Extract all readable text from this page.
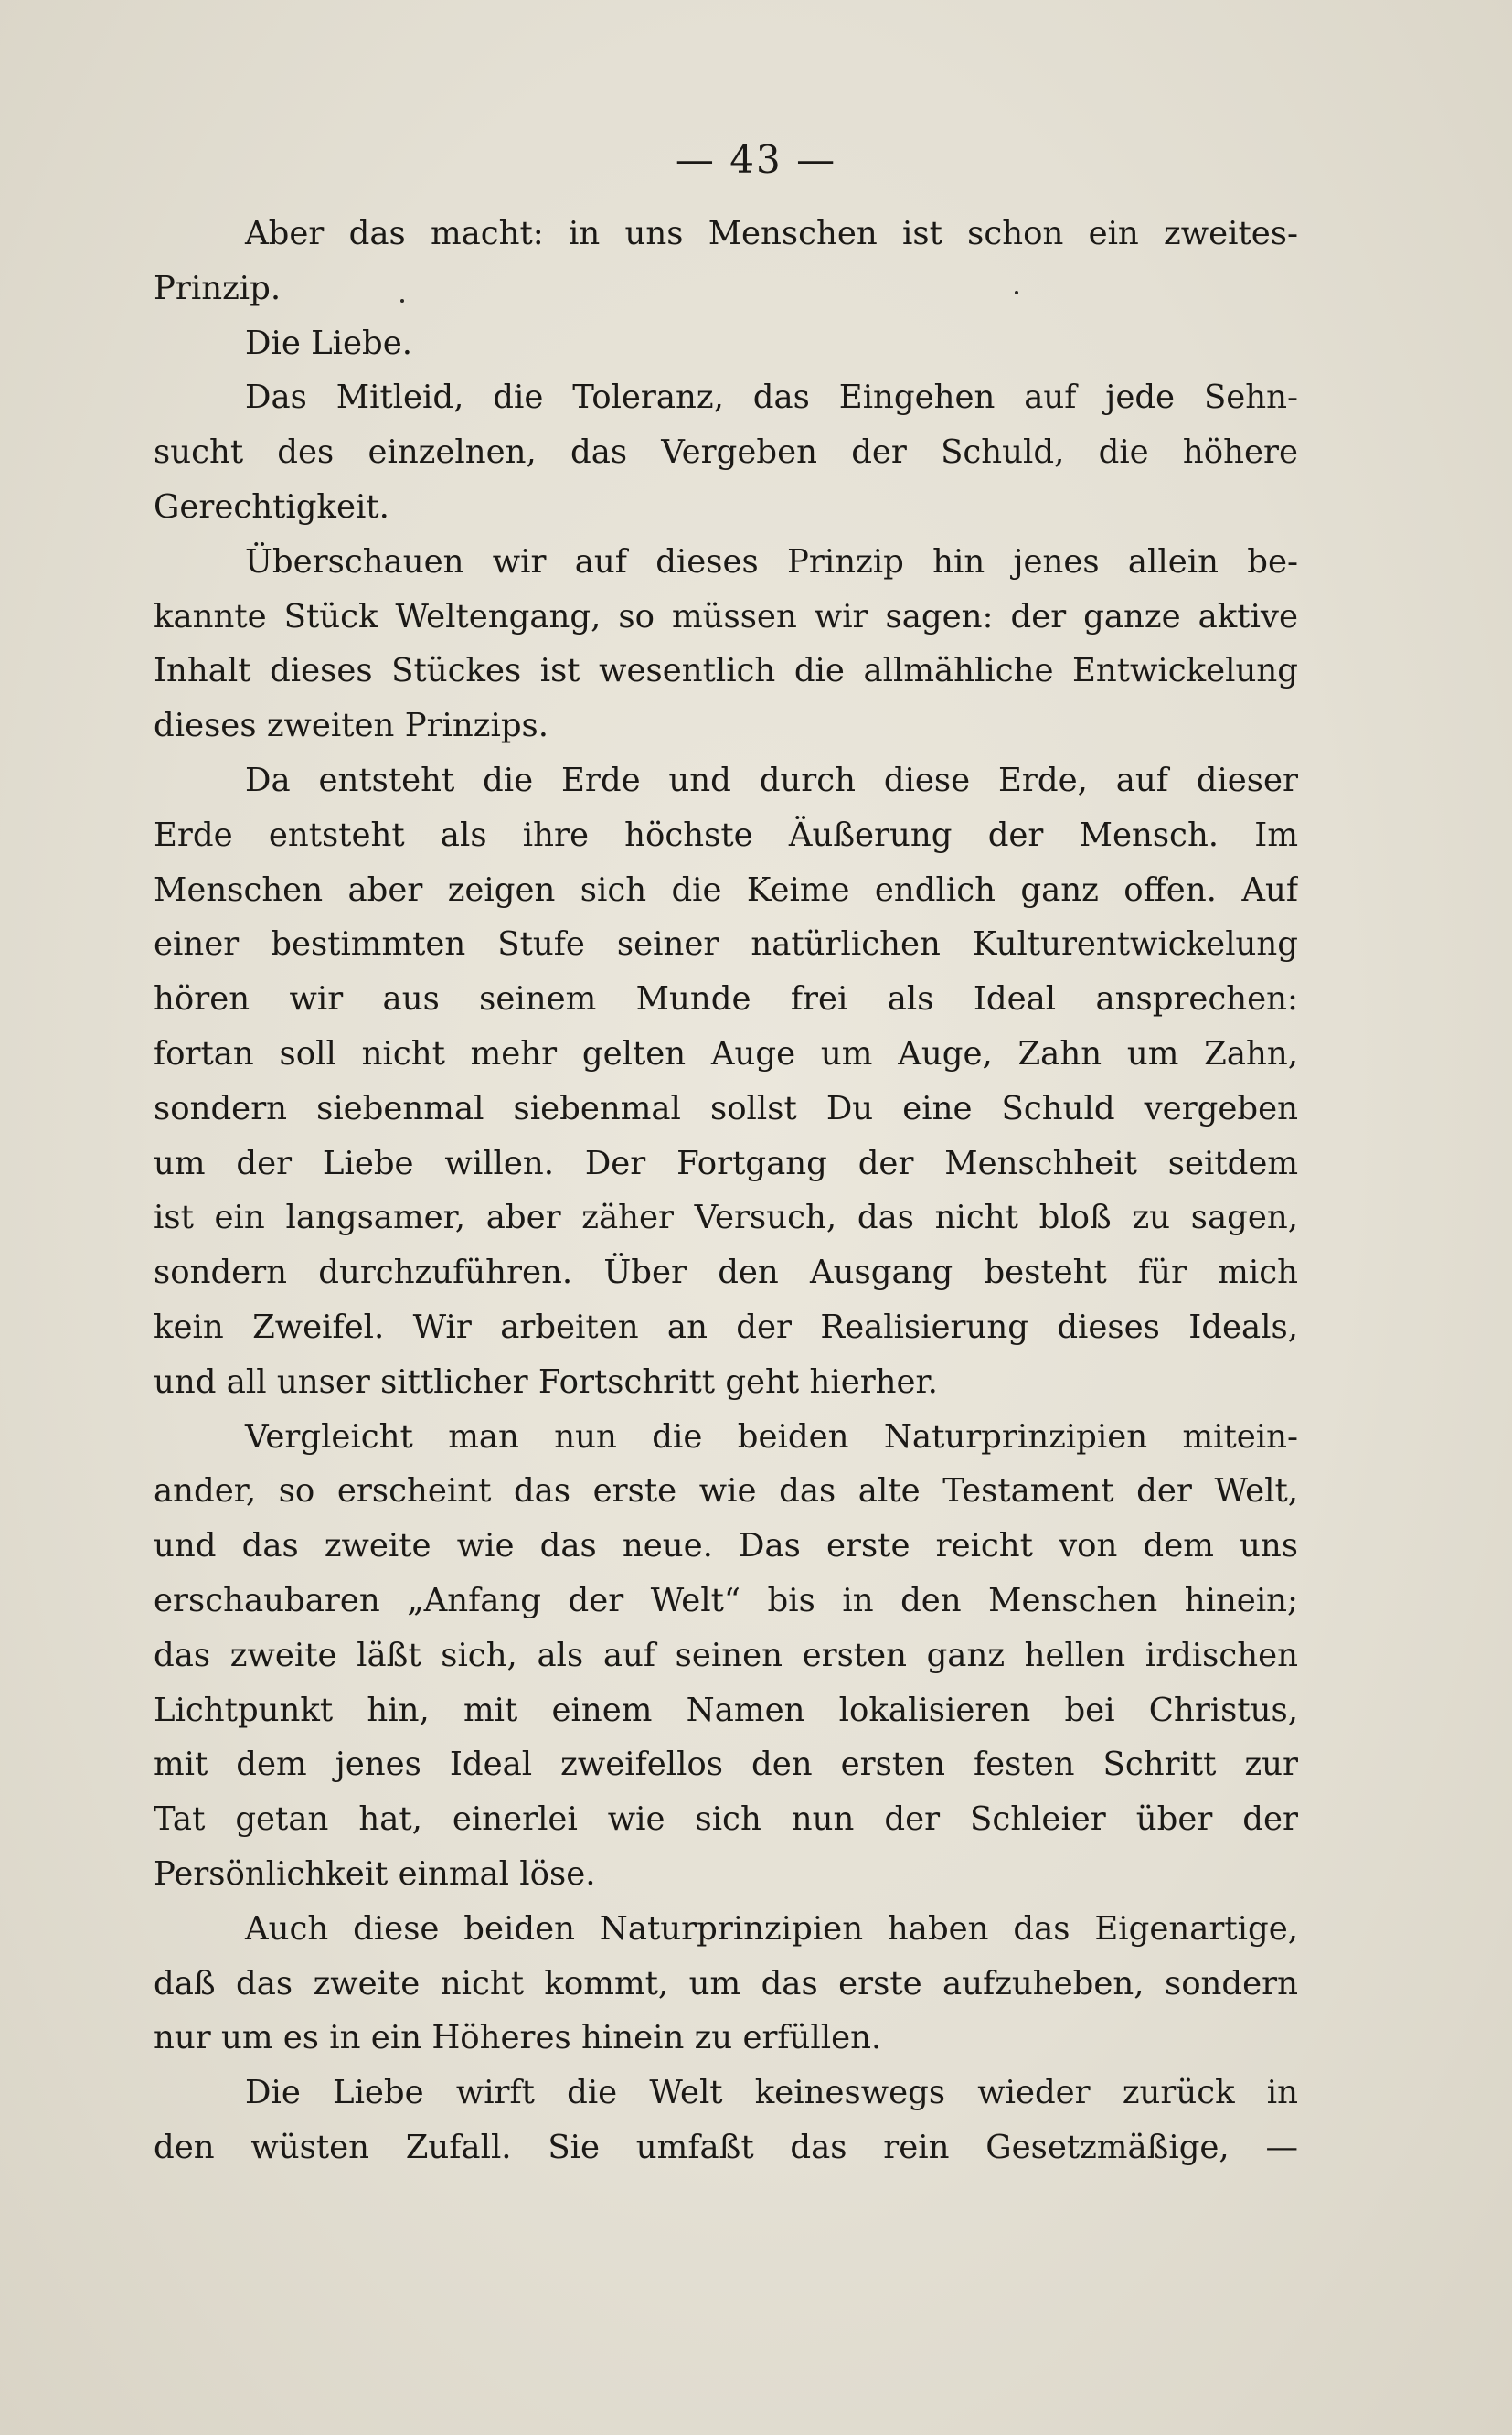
— 43 —
Aber das macht: in uns Menschen ist schon ein zweites-
Prinzip.
Die Liebe.
Das Mitleid, die Toleranz, das Eingehen auf jede Sehn-
sucht des einzelnen, das Vergeben der Schuld, die höhere
Gerechtigkeit.
Überschauen wir auf dieses Prinzip hin jenes allein be-
kannte Stück Weltengang, so müssen wir sagen: der ganze aktive
Inhalt dieses Stückes ist wesentlich die allmähliche Entwickelung
dieses zweiten Prinzips.
Da entsteht die Erde und durch diese Erde, auf dieser
Erde entsteht als ihre höchste Äußerung der Mensch. Im
Menschen aber zeigen sich die Keime endlich ganz offen. Auf
einer bestimmten Stufe seiner natürlichen Kulturentwickelung
hören wir aus seinem Munde frei als Ideal ansprechen:
fortan soll nicht mehr gelten Auge um Auge, Zahn um Zahn,
sondern siebenmal siebenmal sollst Du eine Schuld vergeben
um der Liebe willen. Der Fortgang der Menschheit seitdem
ist ein langsamer, aber zäher Versuch, das nicht bloß zu sagen,
sondern durchzuführen. Über den Ausgang besteht für mich
kein Zweifel. Wir arbeiten an der Realisierung dieses Ideals,
und all unser sittlicher Fortschritt geht hierher.
Vergleicht man nun die beiden Naturprinzipien mitein-
ander, so erscheint das erste wie das alte Testament der Welt,
und das zweite wie das neue. Das erste reicht von dem uns
erschaubaren „Anfang der Welt“ bis in den Menschen hinein;
das zweite läßt sich, als auf seinen ersten ganz hellen irdischen
Lichtpunkt hin, mit einem Namen lokalisieren bei Christus,
mit dem jenes Ideal zweifellos den ersten festen Schritt zur
Tat getan hat, einerlei wie sich nun der Schleier über der
Persönlichkeit einmal löse.
Auch diese beiden Naturprinzipien haben das Eigenartige,
daß das zweite nicht kommt, um das erste aufzuheben, sondern
nur um es in ein Höheres hinein zu erfüllen.
Die Liebe wirft die Welt keineswegs wieder zurück in
den wüsten Zufall. Sie umfaßt das rein Gesetzmäßige, —
